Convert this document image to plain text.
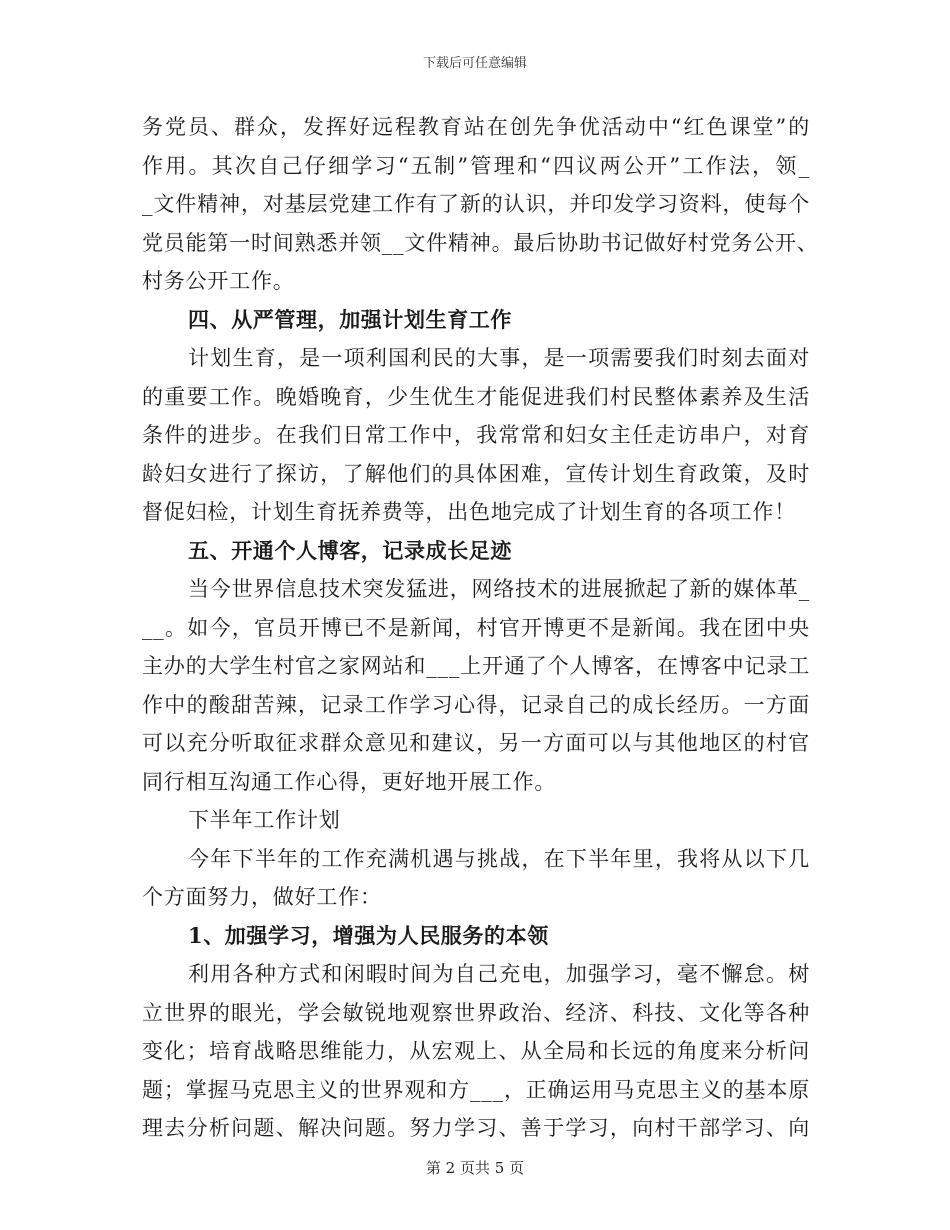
下载后可任意编辑
务党员、群众，发挥好远程教育站在创先争优活动中“红色课堂”的
作用。其次自己仔细学习“五制”管理和“四议两公开”工作法，领_
_文件精神，对基层党建工作有了新的认识，并印发学习资料，使每个
党员能第一时间熟悉并领__文件精神。最后协助书记做好村党务公开、
村务公开工作。
四、从严管理，加强计划生育工作
计划生育，是一项利国利民的大事，是一项需要我们时刻去面对
的重要工作。晚婚晚育，少生优生才能促进我们村民整体素养及生活
条件的进步。在我们日常工作中，我常常和妇女主任走访串户，对育
龄妇女进行了探访，了解他们的具体困难，宣传计划生育政策，及时
督促妇检，计划生育抚养费等，出色地完成了计划生育的各项工作！
五、开通个人博客，记录成长足迹
当今世界信息技术突发猛进，网络技术的进展掀起了新的媒体革_
__。如今，官员开博已不是新闻，村官开博更不是新闻。我在团中央
主办的大学生村官之家网站和___上开通了个人博客，在博客中记录工
作中的酸甜苦辣，记录工作学习心得，记录自己的成长经历。一方面
可以充分听取征求群众意见和建议，另一方面可以与其他地区的村官
同行相互沟通工作心得，更好地开展工作。
下半年工作计划
今年下半年的工作充满机遇与挑战，在下半年里，我将从以下几
个方面努力，做好工作：
1、加强学习，增强为人民服务的本领
利用各种方式和闲暇时间为自己充电，加强学习，毫不懈怠。树
立世界的眼光，学会敏锐地观察世界政治、经济、科技、文化等各种
变化；培育战略思维能力，从宏观上、从全局和长远的角度来分析问
题；掌握马克思主义的世界观和方___，正确运用马克思主义的基本原
理去分析问题、解决问题。努力学习、善于学习，向村干部学习、向
第 2 页共 5 页
